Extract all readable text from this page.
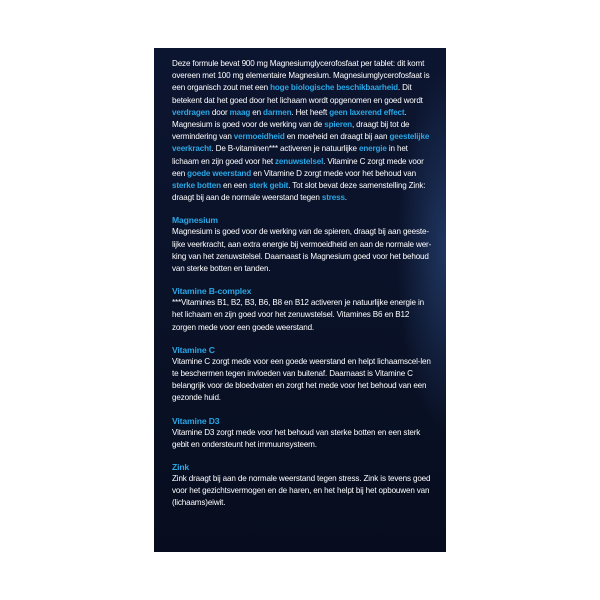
Deze formule bevat 900 mg Magnesiumglycerofosfaat per tablet: dit komt overeen met 100 mg elementaire Magnesium. Magnesiumglycerofosfaat is een organisch zout met een hoge biologische beschikbaarheid. Dit betekent dat het goed door het lichaam wordt opgenomen en goed wordt verdragen door maag en darmen. Het heeft geen laxerend effect. Magnesium is goed voor de werking van de spieren, draagt bij tot de vermindering van vermoeidheid en moeheid en draagt bij aan geestelijke veerkracht. De B-vitaminen*** activeren je natuurlijke energie in het lichaam en zijn goed voor het zenuwstelsel. Vitamine C zorgt mede voor een goede weerstand en Vitamine D zorgt mede voor het behoud van sterke botten en een sterk gebit. Tot slot bevat deze samenstelling Zink: draagt bij aan de normale weerstand tegen stress.

Magnesium

Magnesium is goed voor de werking van de spieren, draagt bij aan geeste-lijke veerkracht, aan extra energie bij vermoeidheid en aan de normale wer-king van het zenuwstelsel. Daarnaast is Magnesium goed voor het behoud van sterke botten en tanden.

Vitamine B-complex

***Vitamines B1, B2, B3, B6, B8 en B12 activeren je natuurlijke energie in het lichaam en zijn goed voor het zenuwstelsel. Vitamines B6 en B12 zorgen mede voor een goede weerstand.

Vitamine C

Vitamine C zorgt mede voor een goede weerstand en helpt lichaamscel-len te beschermen tegen invloeden van buitenaf. Daarnaast is Vitamine C belangrijk voor de bloedvaten en zorgt het mede voor het behoud van een gezonde huid.

Vitamine D3

Vitamine D3 zorgt mede voor het behoud van sterke botten en een sterk gebit en ondersteunt het immuunsysteem.

Zink

Zink draagt bij aan de normale weerstand tegen stress. Zink is tevens goed voor het gezichtsvermogen en de haren, en het helpt bij het opbouwen van (lichaams)eiwit.
